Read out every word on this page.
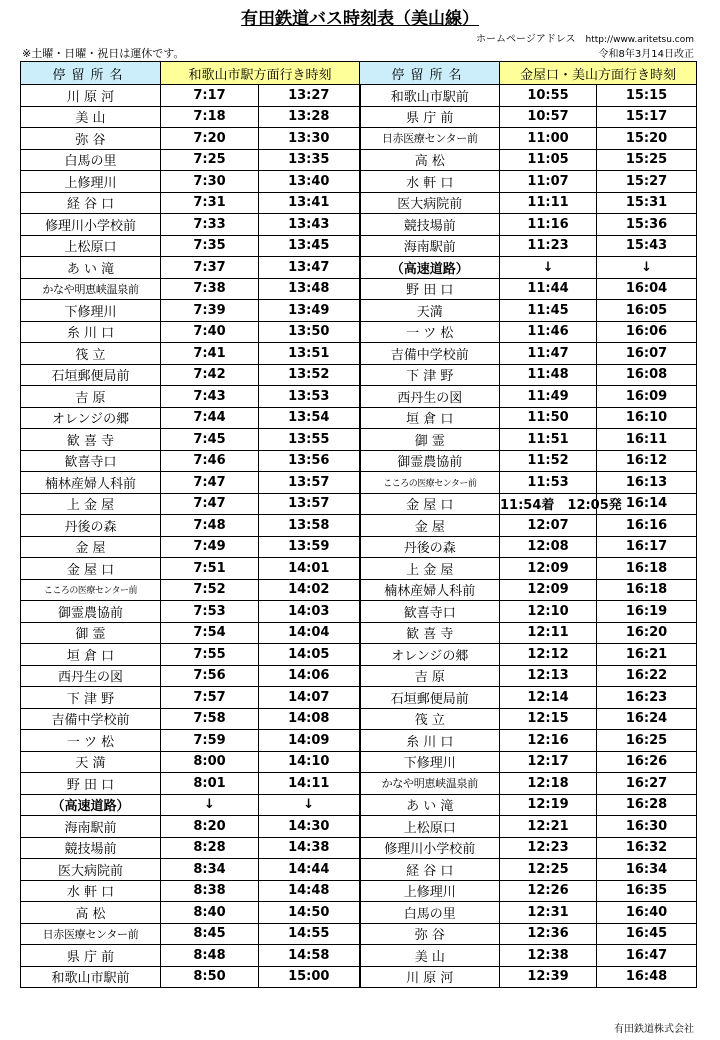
有田鉄道バス時刻表（美山線）
ホームページアドレス http://www.aritetsu.com
※土曜・日曜・祝日は運休です。	令和8年3月14日改正
停留所名	和歌山市駅方面行き時刻		停留所名	金屋口・美山方面行き時刻	
川 原 河	7:17	13:27	和歌山市駅前	10:55	15:15
美 山	7:18	13:28	県 庁 前	10:57	15:17
弥 谷	7:20	13:30	日赤医療センター前	11:00	15:20
白馬の里	7:25	13:35	高 松	11:05	15:25
上修理川	7:30	13:40	水 軒 口	11:07	15:27
経 谷 口	7:31	13:41	医大病院前	11:11	15:31
修理川小学校前	7:33	13:43	競技場前	11:16	15:36
上松原口	7:35	13:45	海南駅前	11:23	15:43
あ い 滝	7:37	13:47	（高速道路）	↓	↓
かなや明恵峡温泉前	7:38	13:48	野 田 口	11:44	16:04
下修理川	7:39	13:49	天満	11:45	16:05
糸 川 口	7:40	13:50	一 ツ 松	11:46	16:06
筏 立	7:41	13:51	吉備中学校前	11:47	16:07
石垣郵便局前	7:42	13:52	下 津 野	11:48	16:08
吉 原	7:43	13:53	西丹生の図	11:49	16:09
オレンジの郷	7:44	13:54	垣 倉 口	11:50	16:10
歓 喜 寺	7:45	13:55	御 霊	11:51	16:11
歓喜寺口	7:46	13:56	御霊農協前	11:52	16:12
楠林産婦人科前	7:47	13:57	こころの医療センター前	11:53	16:13
上 金 屋	7:47	13:57	金 屋 口	11:54着　12:05発	16:14
丹後の森	7:48	13:58	金 屋	12:07	16:16
金 屋	7:49	13:59	丹後の森	12:08	16:17
金 屋 口	7:51	14:01	上 金 屋	12:09	16:18
こころの医療センター前	7:52	14:02	楠林産婦人科前	12:09	16:18
御霊農協前	7:53	14:03	歓喜寺口	12:10	16:19
御 霊	7:54	14:04	歓 喜 寺	12:11	16:20
垣 倉 口	7:55	14:05	オレンジの郷	12:12	16:21
西丹生の図	7:56	14:06	吉 原	12:13	16:22
下 津 野	7:57	14:07	石垣郵便局前	12:14	16:23
吉備中学校前	7:58	14:08	筏 立	12:15	16:24
一 ツ 松	7:59	14:09	糸 川 口	12:16	16:25
天 満	8:00	14:10	下修理川	12:17	16:26
野 田 口	8:01	14:11	かなや明恵峡温泉前	12:18	16:27
（高速道路）	↓	↓	あ い 滝	12:19	16:28
海南駅前	8:20	14:30	上松原口	12:21	16:30
競技場前	8:28	14:38	修理川小学校前	12:23	16:32
医大病院前	8:34	14:44	経 谷 口	12:25	16:34
水 軒 口	8:38	14:48	上修理川	12:26	16:35
高 松	8:40	14:50	白馬の里	12:31	16:40
日赤医療センター前	8:45	14:55	弥 谷	12:36	16:45
県 庁 前	8:48	14:58	美 山	12:38	16:47
和歌山市駅前	8:50	15:00	川 原 河	12:39	16:48
有田鉄道株式会社
